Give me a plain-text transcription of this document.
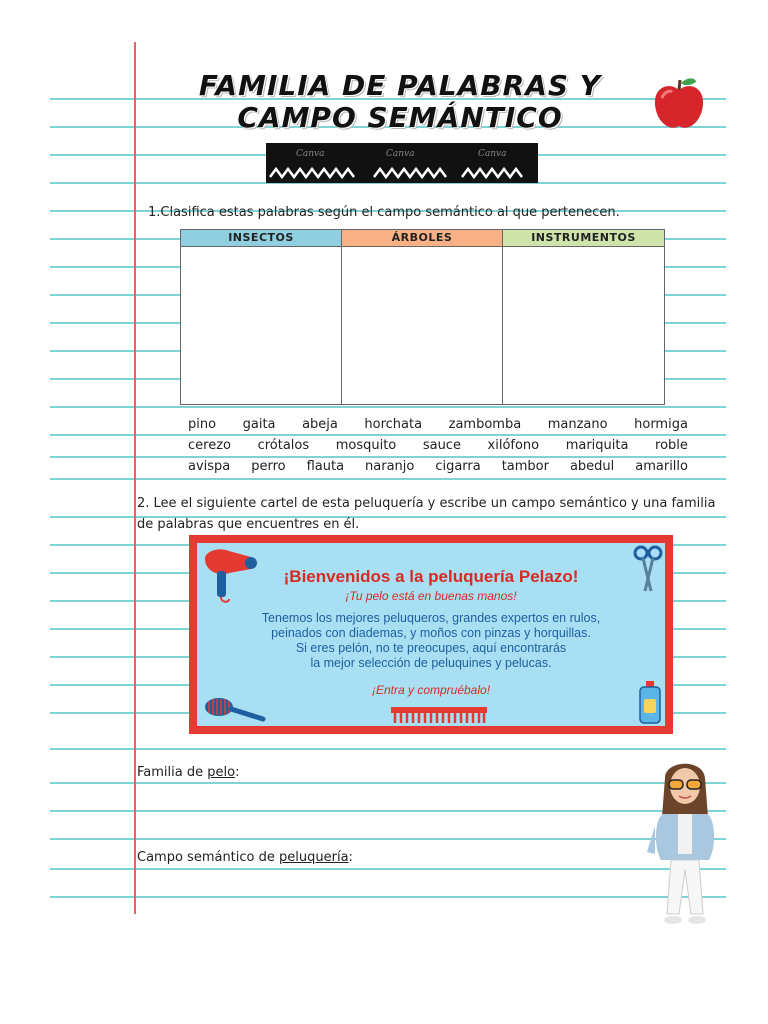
FAMILIA DE PALABRAS Y
CAMPO SEMÁNTICO
Canva	Canva	Canva
1.Clasifica estas palabras según el campo semántico al que pertenecen.
INSECTOS	ÁRBOLES	INSTRUMENTOS
pino gaita abeja horchata zambomba manzano hormiga
cerezo crótalos mosquito sauce xilófono mariquita roble
avispa perro flauta naranjo cigarra tambor abedul amarillo
2. Lee el siguiente cartel de esta peluquería y escribe un campo semántico y una familia
de palabras que encuentres en él.
¡Bienvenidos a la peluquería Pelazo!
¡Tu pelo está en buenas manos!
Tenemos los mejores peluqueros, grandes expertos en rulos,
peinados con diademas, y moños con pinzas y horquillas.
Si eres pelón, no te preocupes, aquí encontrarás
la mejor selección de peluquines y pelucas.
¡Entra y compruébalo!
Familia de pelo:
Campo semántico de peluquería:
